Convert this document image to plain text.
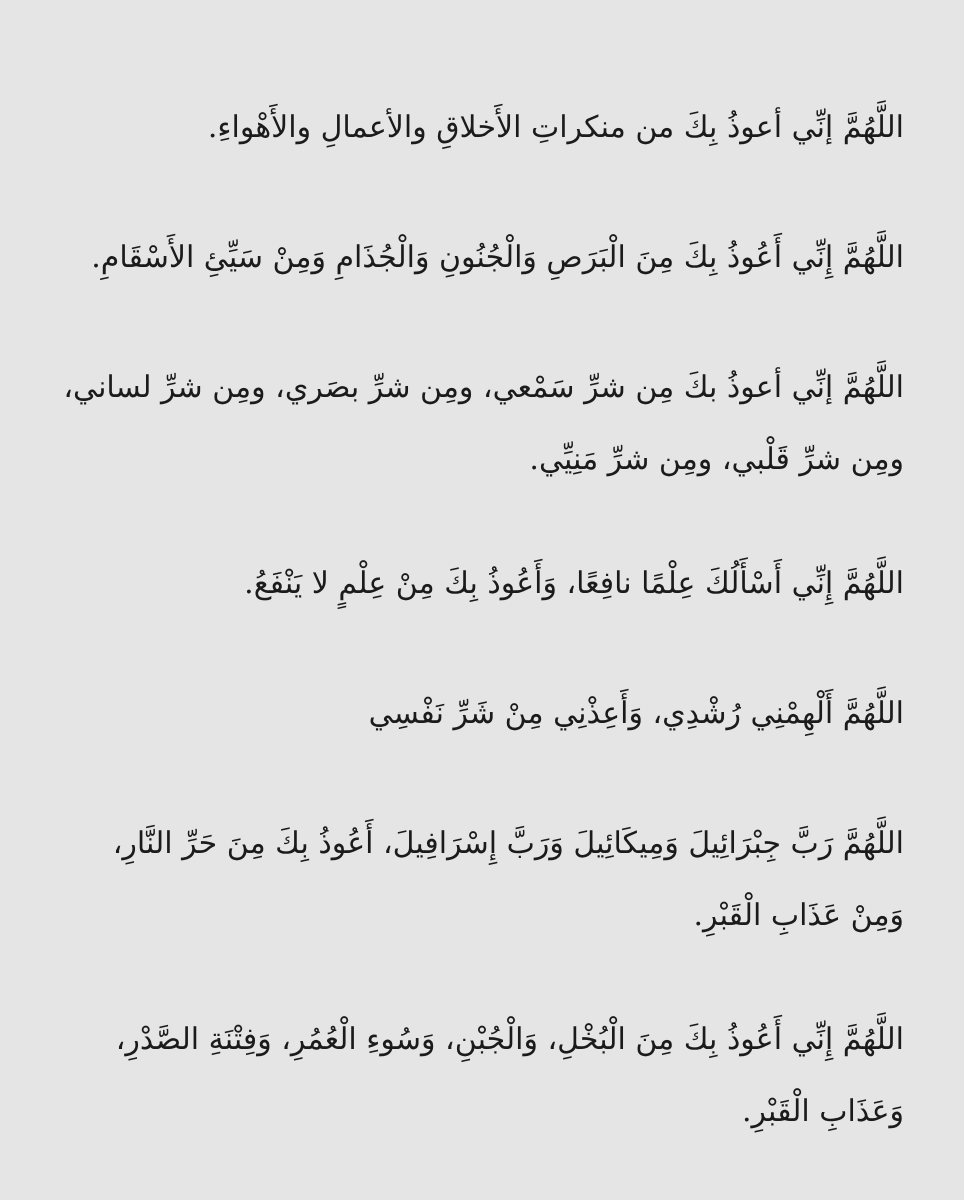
اللَّهُمَّ إنِّي أعوذُ بِكَ من منكراتِ الأَخلاقِ والأعمالِ والأَهْواءِ.

اللَّهُمَّ إِنِّي أَعُوذُ بِكَ مِنَ الْبَرَصِ وَالْجُنُونِ وَالْجُذَامِ وَمِنْ سَيِّئِ الأَسْقَامِ.

اللَّهُمَّ إنِّي أعوذُ بكَ مِن شرِّ سَمْعي، ومِن شرِّ بصَري، ومِن شرِّ لساني، ومِن شرِّ قَلْبي، ومِن شرِّ مَنِيِّي.

اللَّهُمَّ إِنِّي أَسْأَلُكَ عِلْمًا نافِعًا، وَأَعُوذُ بِكَ مِنْ عِلْمٍ لا يَنْفَعُ.

اللَّهُمَّ أَلْهِمْنِي رُشْدِي، وَأَعِذْنِي مِنْ شَرِّ نَفْسِي

اللَّهُمَّ رَبَّ جِبْرَائِيلَ وَمِيكَائِيلَ وَرَبَّ إِسْرَافِيلَ، أَعُوذُ بِكَ مِنَ حَرِّ النَّارِ، وَمِنْ عَذَابِ الْقَبْرِ.

اللَّهُمَّ إِنِّي أَعُوذُ بِكَ مِنَ الْبُخْلِ، وَالْجُبْنِ، وَسُوءِ الْعُمُرِ، وَفِتْنَةِ الصَّدْرِ، وَعَذَابِ الْقَبْرِ.
